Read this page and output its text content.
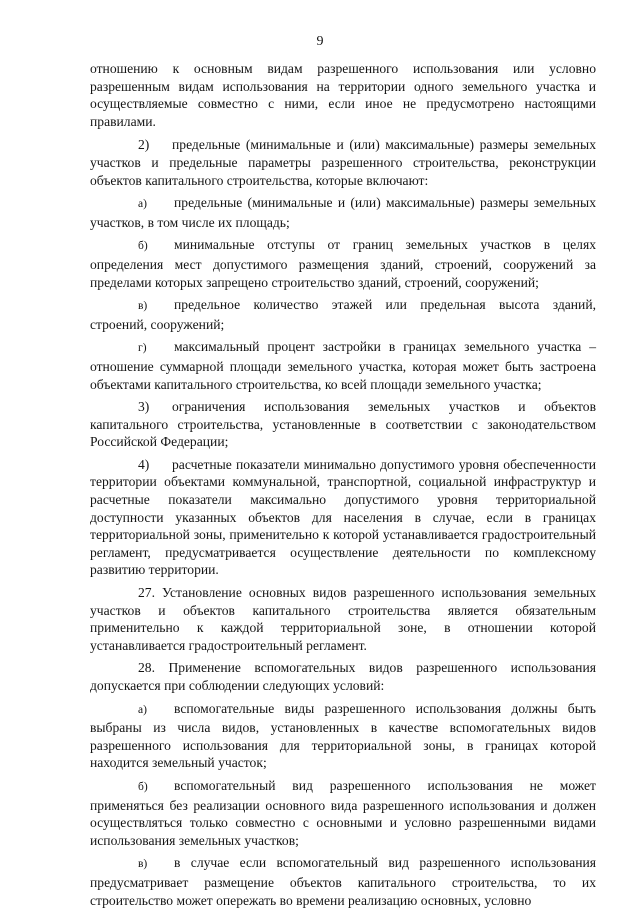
9

отношению к основным видам разрешенного использования или условно разрешенным видам использования на территории одного земельного участка и осуществляемые совместно с ними, если иное не предусмотрено настоящими правилами.

2) предельные (минимальные и (или) максимальные) размеры земельных участков и предельные параметры разрешенного строительства, реконструкции объектов капитального строительства, которые включают:

а) предельные (минимальные и (или) максимальные) размеры земельных участков, в том числе их площадь;

б) минимальные отступы от границ земельных участков в целях определения мест допустимого размещения зданий, строений, сооружений за пределами которых запрещено строительство зданий, строений, сооружений;

в) предельное количество этажей или предельная высота зданий, строений, сооружений;

г) максимальный процент застройки в границах земельного участка – отношение суммарной площади земельного участка, которая может быть застроена объектами капитального строительства, ко всей площади земельного участка;

3) ограничения использования земельных участков и объектов капитального строительства, установленные в соответствии с законодательством Российской Федерации;

4) расчетные показатели минимально допустимого уровня обеспеченности территории объектами коммунальной, транспортной, социальной инфраструктур и расчетные показатели максимально допустимого уровня территориальной доступности указанных объектов для населения в случае, если в границах территориальной зоны, применительно к которой устанавливается градостроительный регламент, предусматривается осуществление деятельности по комплексному развитию территории.

27. Установление основных видов разрешенного использования земельных участков и объектов капитального строительства является обязательным применительно к каждой территориальной зоне, в отношении которой устанавливается градостроительный регламент.

28. Применение вспомогательных видов разрешенного использования допускается при соблюдении следующих условий:

а) вспомогательные виды разрешенного использования должны быть выбраны из числа видов, установленных в качестве вспомогательных видов разрешенного использования для территориальной зоны, в границах которой находится земельный участок;

б) вспомогательный вид разрешенного использования не может применяться без реализации основного вида разрешенного использования и должен осуществляться только совместно с основными и условно разрешенными видами использования земельных участков;

в) в случае если вспомогательный вид разрешенного использования предусматривает размещение объектов капитального строительства, то их строительство может опережать во времени реализацию основных, условно
